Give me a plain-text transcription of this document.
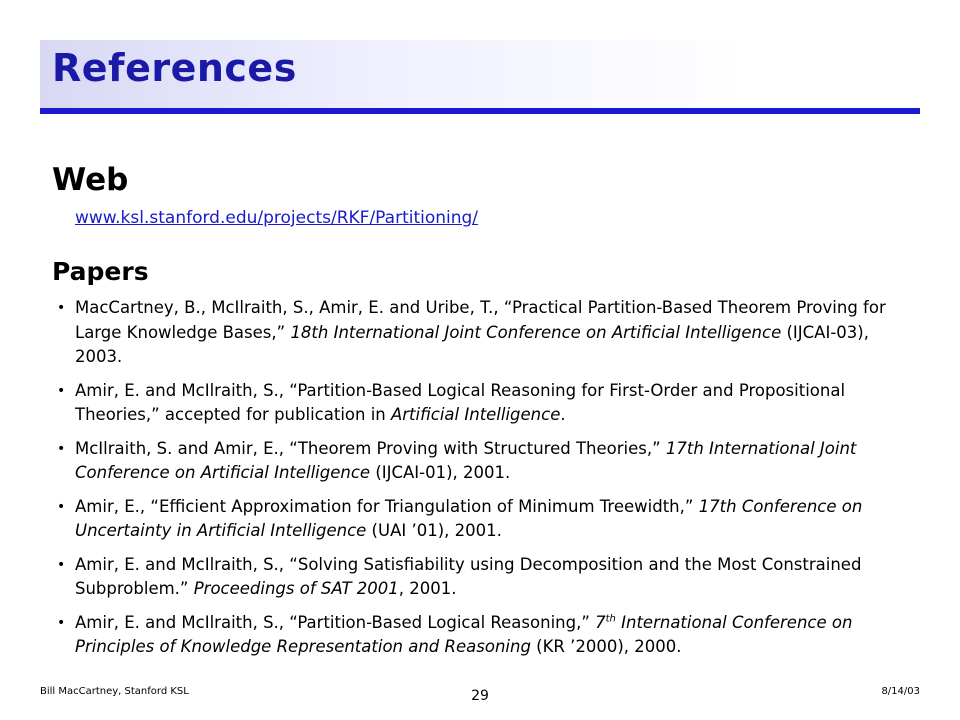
References
Web
www.ksl.stanford.edu/projects/RKF/Partitioning/
Papers
• MacCartney, B., McIlraith, S., Amir, E. and Uribe, T., “Practical Partition-Based Theorem Proving for Large Knowledge Bases,” 18th International Joint Conference on Artificial Intelligence (IJCAI-03), 2003.
• Amir, E. and McIlraith, S., “Partition-Based Logical Reasoning for First-Order and Propositional Theories,” accepted for publication in Artificial Intelligence.
• McIlraith, S. and Amir, E., “Theorem Proving with Structured Theories,” 17th International Joint Conference on Artificial Intelligence (IJCAI-01), 2001.
• Amir, E., “Efficient Approximation for Triangulation of Minimum Treewidth,” 17th Conference on Uncertainty in Artificial Intelligence (UAI ’01), 2001.
• Amir, E. and McIlraith, S., “Solving Satisfiability using Decomposition and the Most Constrained Subproblem.” Proceedings of SAT 2001, 2001.
• Amir, E. and McIlraith, S., “Partition-Based Logical Reasoning,” 7th International Conference on Principles of Knowledge Representation and Reasoning (KR ’2000), 2000.
Bill MacCartney, Stanford KSL	29	8/14/03
